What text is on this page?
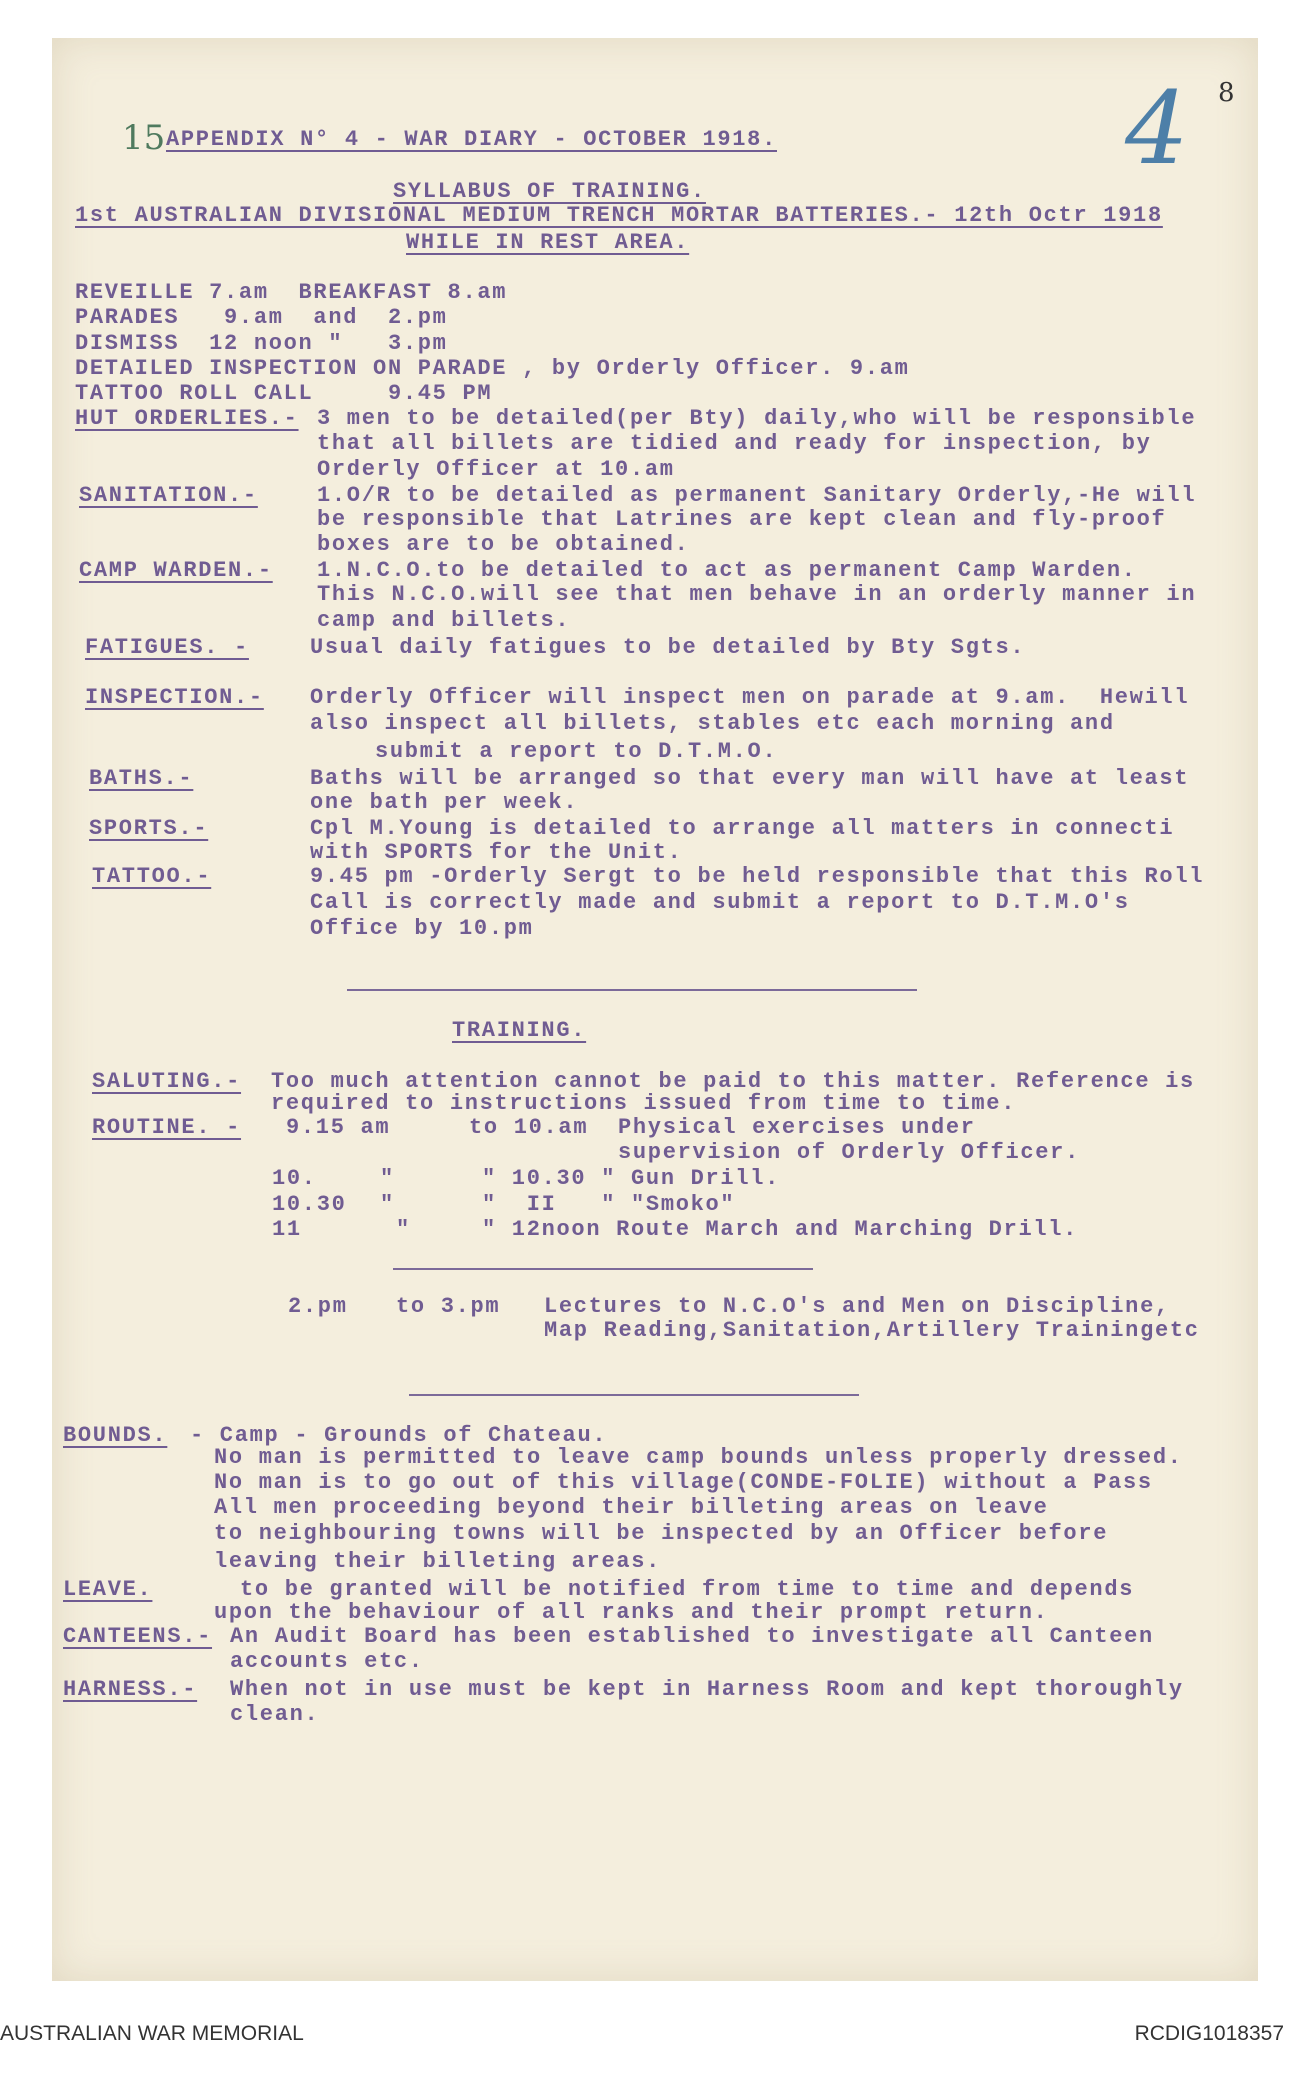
15 APPENDIX N° 4 - WAR DIARY - OCTOBER 1918.	4 8
SYLLABUS OF TRAINING.
1st AUSTRALIAN DIVISIONAL MEDIUM TRENCH MORTAR BATTERIES.- 12th Octr 1918
WHILE IN REST AREA.
REVEILLE 7.am  BREAKFAST 8.am
PARADES   9.am  and  2.pm
DISMISS  12 noon "   3.pm
DETAILED INSPECTION ON PARADE , by Orderly Officer. 9.am
TATTOO ROLL CALL     9.45 PM
HUT ORDERLIES.- 3 men to be detailed(per Bty) daily,who will be responsible
that all billets are tidied and ready for inspection, by
Orderly Officer at 10.am
SANITATION.-	1.O/R to be detailed as permanent Sanitary Orderly,-He will
be responsible that Latrines are kept clean and fly-proof
boxes are to be obtained.
CAMP WARDEN.- 1.N.C.O.to be detailed to act as permanent Camp Warden.
This N.C.O.will see that men behave in an orderly manner in
camp and billets.
FATIGUES. -	Usual daily fatigues to be detailed by Bty Sgts.
INSPECTION.- Orderly Officer will inspect men on parade at 9.am.  Hewill
also inspect all billets, stables etc each morning and
submit a report to D.T.M.O.
BATHS.-	Baths will be arranged so that every man will have at least
one bath per week.
SPORTS.-	Cpl M.Young is detailed to arrange all matters in connecti
with SPORTS for the Unit.
TATTOO.-	9.45 pm -Orderly Sergt to be held responsible that this Roll
Call is correctly made and submit a report to D.T.M.O's
Office by 10.pm
TRAINING.
SALUTING.- Too much attention cannot be paid to this matter. Reference is
required to instructions issued from time to time.
ROUTINE. - 9.15 am	to 10.am Physical exercises under
supervision of Orderly Officer.
10.	"	" 10.30 " Gun Drill.
10.30 "	"  II   " "Smoko"
11	"	" 12noon Route March and Marching Drill.
2.pm to 3.pm Lectures to N.C.O's and Men on Discipline,
Map Reading,Sanitation,Artillery Trainingetc
BOUNDS. - Camp - Grounds of Chateau.
No man is permitted to leave camp bounds unless properly dressed.
No man is to go out of this village(CONDE-FOLIE) without a Pass
All men proceeding beyond their billeting areas on leave
to neighbouring towns will be inspected by an Officer before
leaving their billeting areas.
LEAVE.	to be granted will be notified from time to time and depends
upon the behaviour of all ranks and their prompt return.
CANTEENS.- An Audit Board has been established to investigate all Canteen
accounts etc.
HARNESS.- When not in use must be kept in Harness Room and kept thoroughly
clean.
AUSTRALIAN WAR MEMORIAL	RCDIG1018357
